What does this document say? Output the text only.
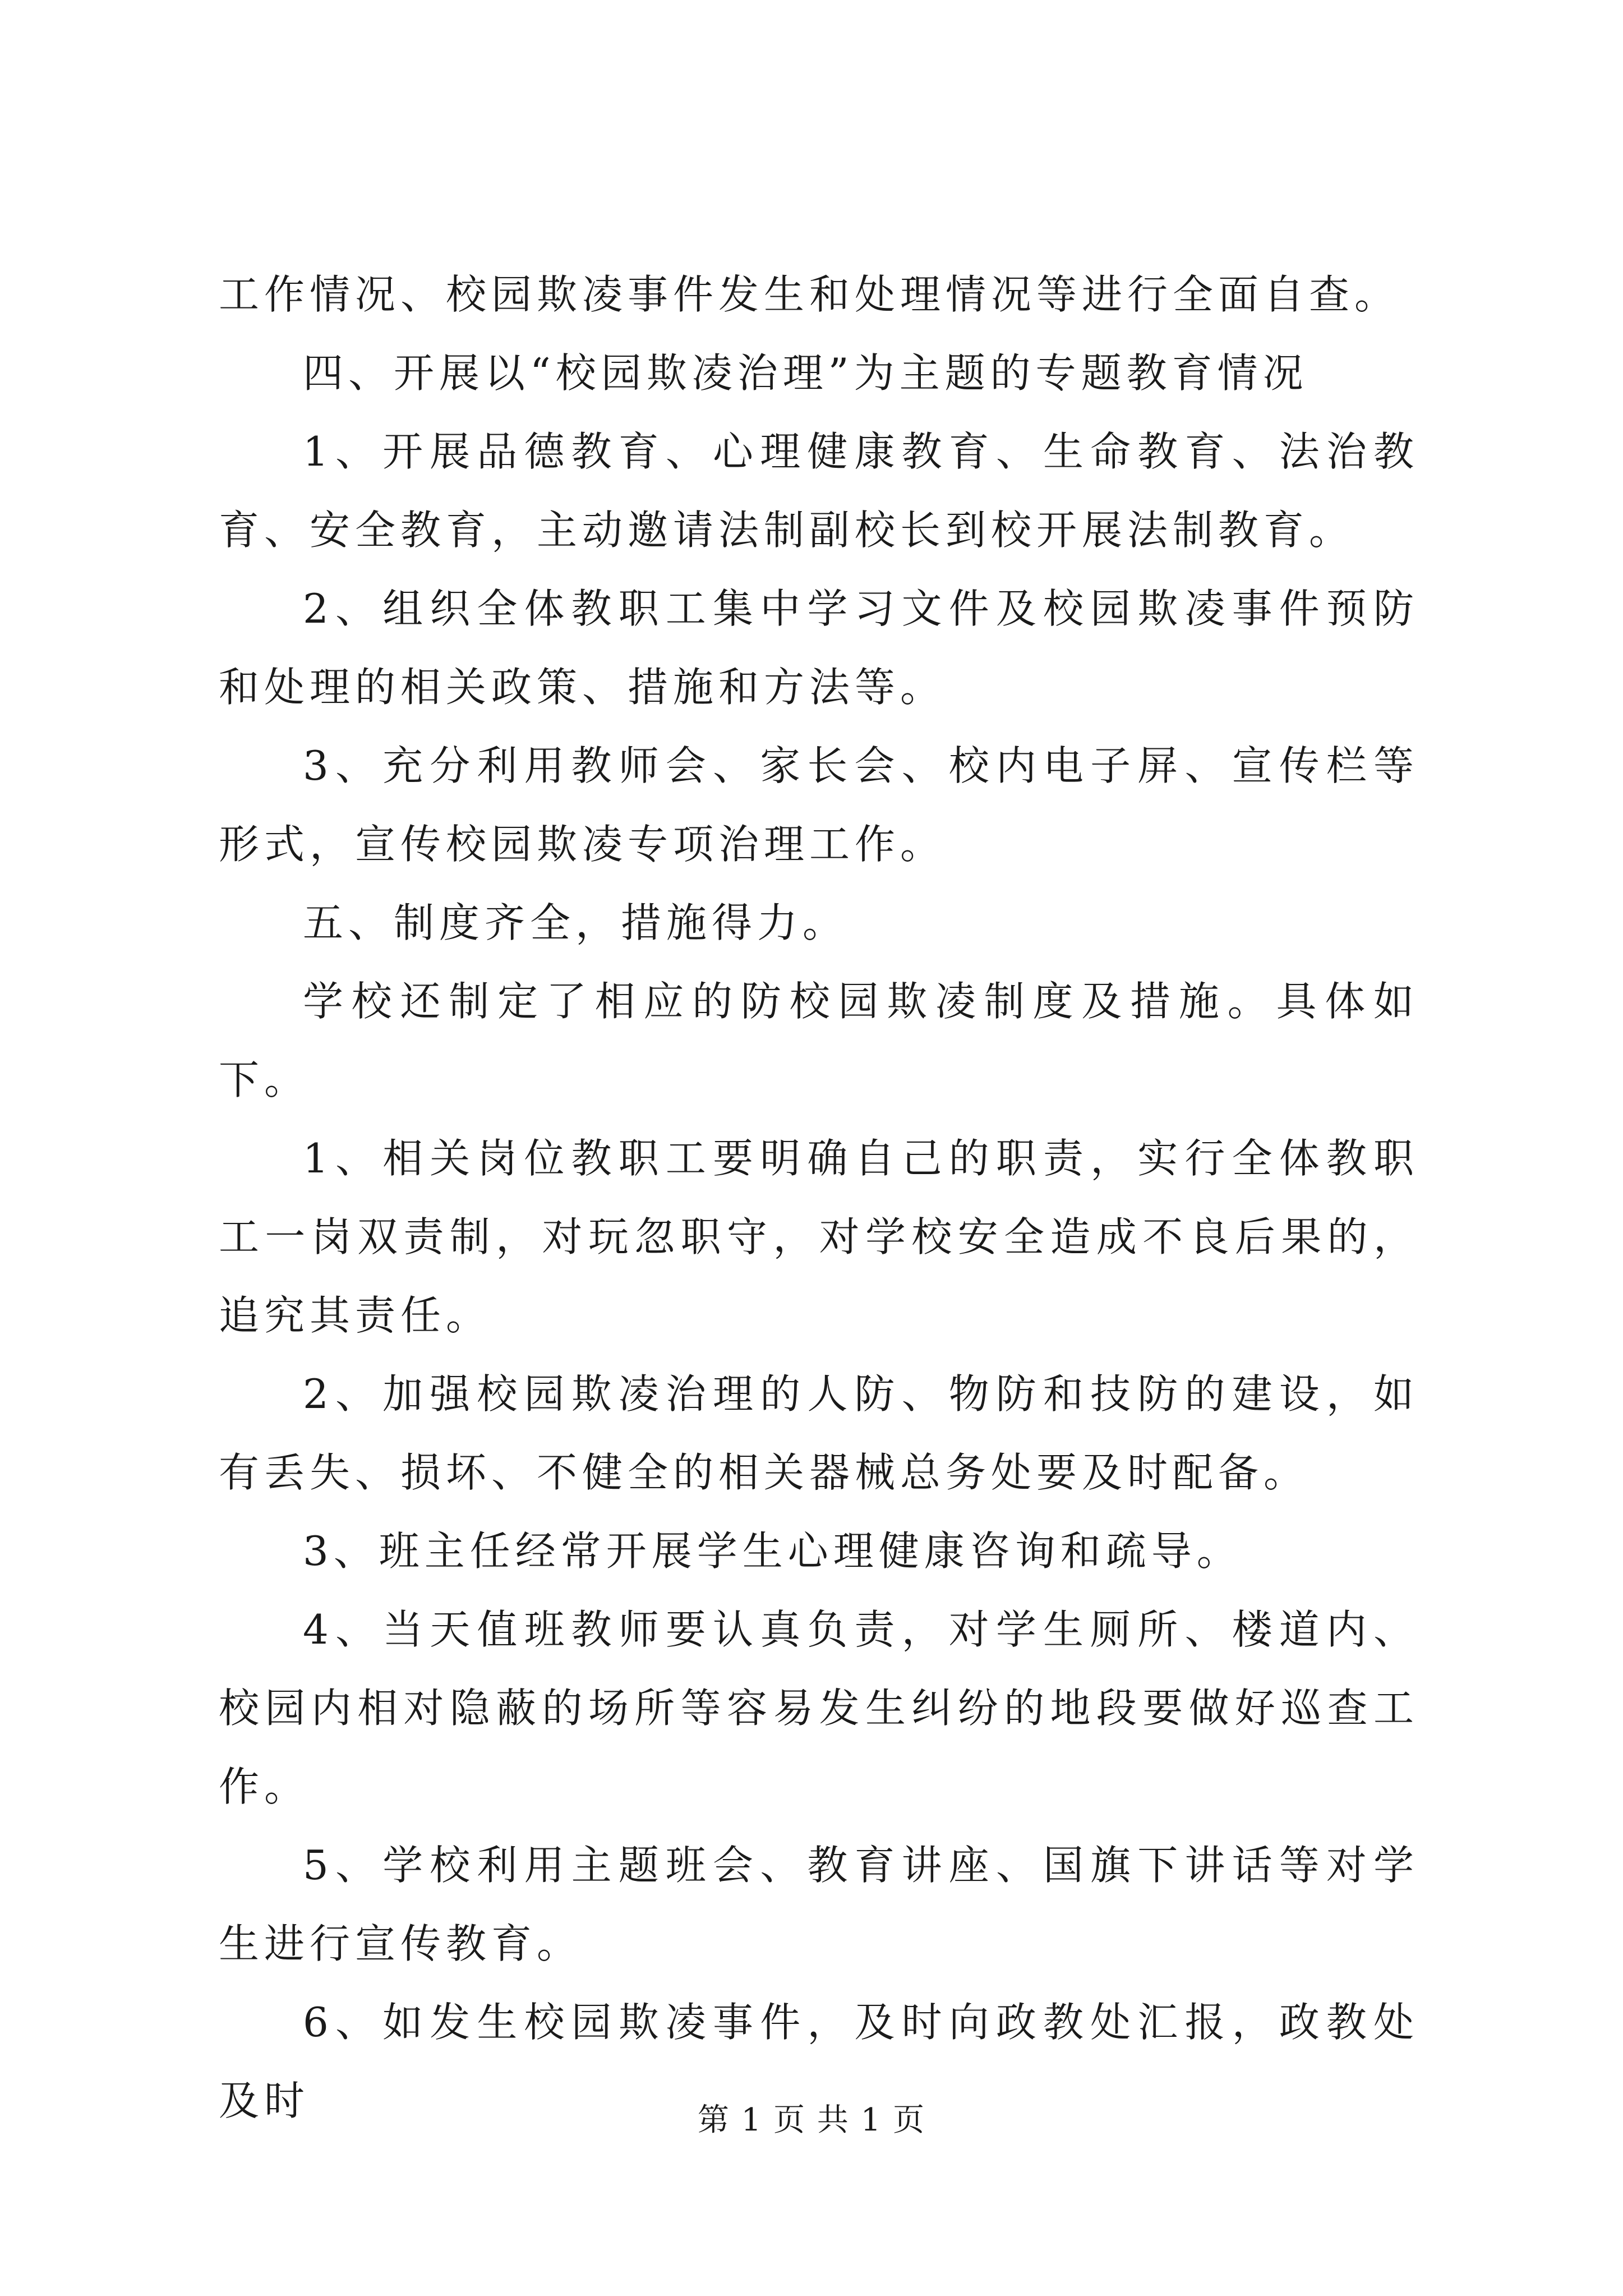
工作情况、校园欺凌事件发生和处理情况等进行全面自查。

四、开展以“校园欺凌治理”为主题的专题教育情况

1、开展品德教育、心理健康教育、生命教育、法治教育、安全教育，主动邀请法制副校长到校开展法制教育。

2、组织全体教职工集中学习文件及校园欺凌事件预防和处理的相关政策、措施和方法等。

3、充分利用教师会、家长会、校内电子屏、宣传栏等形式，宣传校园欺凌专项治理工作。

五、制度齐全，措施得力。

学校还制定了相应的防校园欺凌制度及措施。具体如下。

1、相关岗位教职工要明确自己的职责，实行全体教职工一岗双责制，对玩忽职守，对学校安全造成不良后果的，追究其责任。

2、加强校园欺凌治理的人防、物防和技防的建设，如有丢失、损坏、不健全的相关器械总务处要及时配备。

3、班主任经常开展学生心理健康咨询和疏导。

4、当天值班教师要认真负责，对学生厕所、楼道内、校园内相对隐蔽的场所等容易发生纠纷的地段要做好巡查工作。

5、学校利用主题班会、教育讲座、国旗下讲话等对学生进行宣传教育。

6、如发生校园欺凌事件，及时向政教处汇报，政教处及时	第 1 页 共 1 页
